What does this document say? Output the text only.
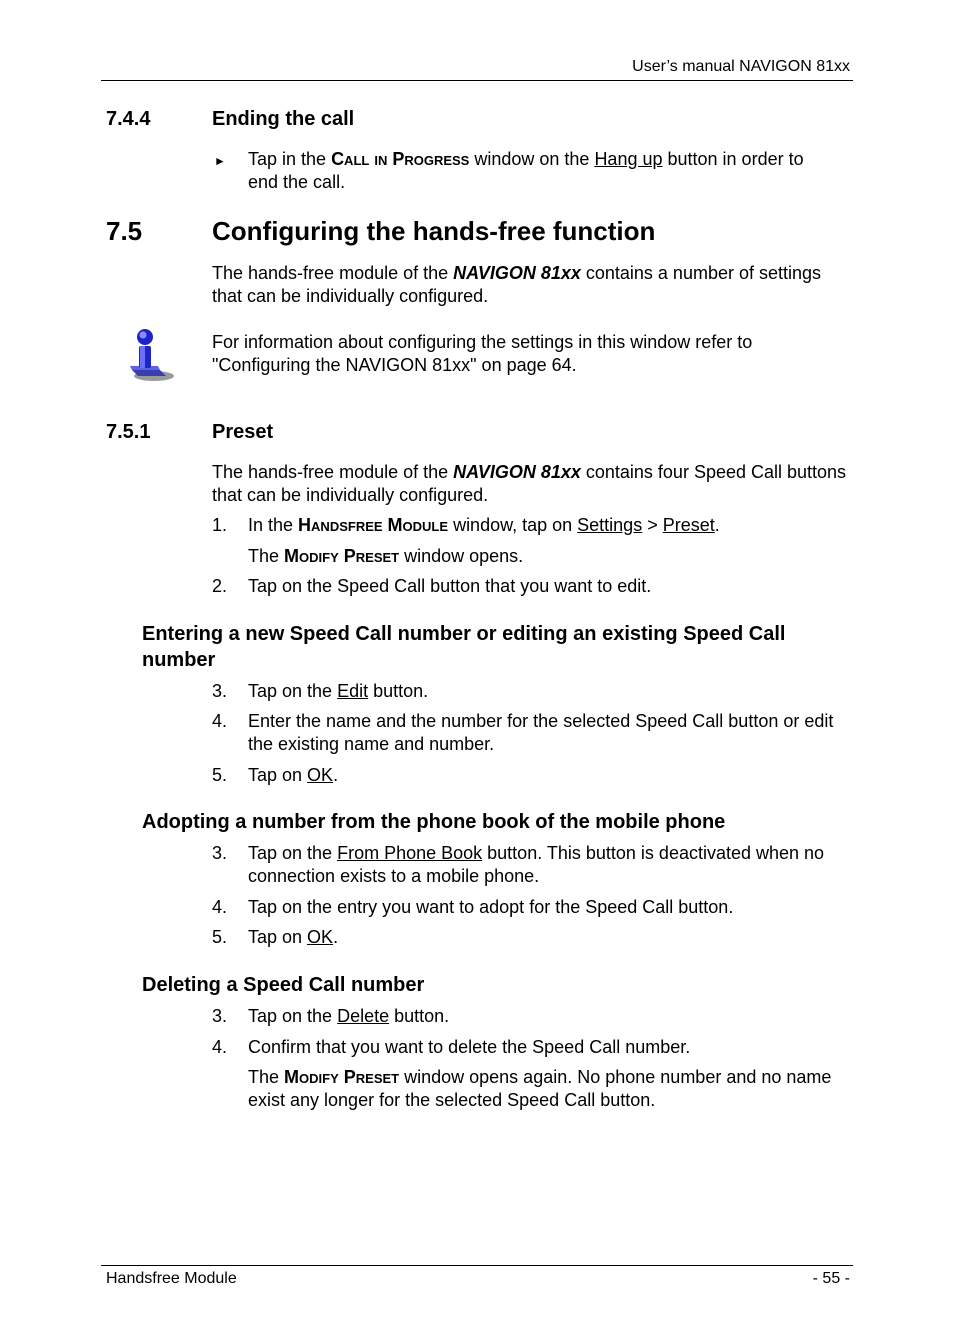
User’s manual NAVIGON 81xx
7.4.4	Ending the call
► Tap in the Call in Progress window on the Hang up button in order to end the call.
7.5	Configuring the hands-free function
The hands-free module of the NAVIGON 81xx contains a number of settings that can be individually configured.
For information about configuring the settings in this window refer to "Configuring the NAVIGON 81xx" on page 64.
7.5.1	Preset
The hands-free module of the NAVIGON 81xx contains four Speed Call buttons that can be individually configured.
1. In the Handsfree Module window, tap on Settings > Preset.
The Modify Preset window opens.
2. Tap on the Speed Call button that you want to edit.
Entering a new Speed Call number or editing an existing Speed Call number
3. Tap on the Edit button.
4. Enter the name and the number for the selected Speed Call button or edit the existing name and number.
5. Tap on OK.
Adopting a number from the phone book of the mobile phone
3. Tap on the From Phone Book button. This button is deactivated when no connection exists to a mobile phone.
4. Tap on the entry you want to adopt for the Speed Call button.
5. Tap on OK.
Deleting a Speed Call number
3. Tap on the Delete button.
4. Confirm that you want to delete the Speed Call number.
The Modify Preset window opens again. No phone number and no name exist any longer for the selected Speed Call button.
Handsfree Module	- 55 -
